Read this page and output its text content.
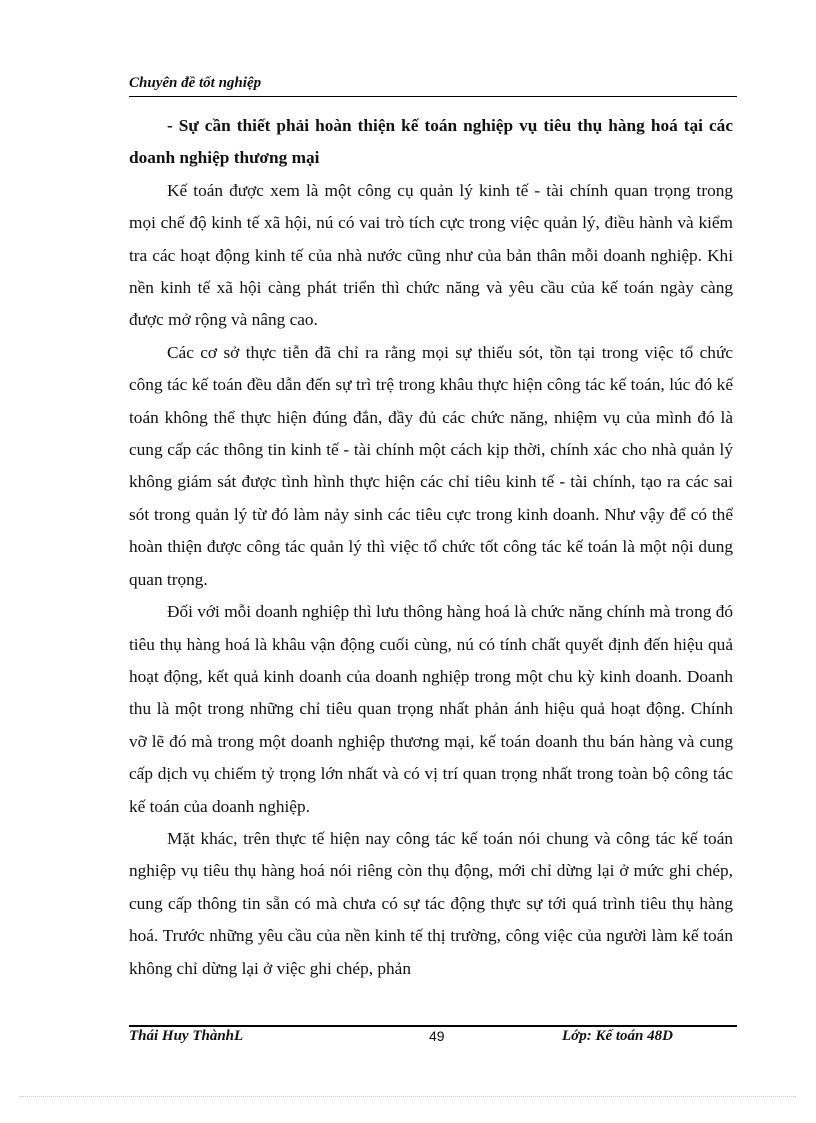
Chuyên đề tốt nghiệp

- Sự cần thiết phải hoàn thiện kế toán nghiệp vụ tiêu thụ hàng hoá tại các doanh nghiệp thương mại

Kế toán được xem là một công cụ quản lý kinh tế - tài chính quan trọng trong mọi chế độ kinh tế xã hội, nú có vai trò tích cực trong việc quản lý, điều hành và kiểm tra các hoạt động kinh tế của nhà nước cũng như của bản thân mỗi doanh nghiệp. Khi nền kinh tế xã hội càng phát triển thì chức năng và yêu cầu của kế toán ngày càng được mở rộng và nâng cao.

Các cơ sở thực tiễn đã chỉ ra rằng mọi sự thiếu sót, tồn tại trong việc tổ chức công tác kế toán đều dẫn đến sự trì trệ trong khâu thực hiện công tác kế toán, lúc đó kế toán không thể thực hiện đúng đắn, đầy đủ các chức năng, nhiệm vụ của mình đó là cung cấp các thông tin kinh tế - tài chính một cách kịp thời, chính xác cho nhà quản lý không giám sát được tình hình thực hiện các chỉ tiêu kinh tế - tài chính, tạo ra các sai sót trong quản lý từ đó làm nảy sinh các tiêu cực trong kinh doanh. Như vậy để có thể hoàn thiện được công tác quản lý thì việc tổ chức tốt công tác kế toán là một nội dung quan trọng.

Đối với mỗi doanh nghiệp thì lưu thông hàng hoá là chức năng chính mà trong đó tiêu thụ hàng hoá là khâu vận động cuối cùng, nú có tính chất quyết định đến hiệu quả hoạt động, kết quả kinh doanh của doanh nghiệp trong một chu kỳ kinh doanh. Doanh thu là một trong những chỉ tiêu quan trọng nhất phản ánh hiệu quả hoạt động. Chính vỡ lẽ đó mà trong một doanh nghiệp thương mại, kế toán doanh thu bán hàng và cung cấp dịch vụ chiếm tỷ trọng lớn nhất và có vị trí quan trọng nhất trong toàn bộ công tác kế toán của doanh nghiệp.

Mặt khác, trên thực tế hiện nay công tác kế toán nói chung và công tác kế toán nghiệp vụ tiêu thụ hàng hoá nói riêng còn thụ động, mới chỉ dừng lại ở mức ghi chép, cung cấp thông tin sẵn có mà chưa có sự tác động thực sự tới quá trình tiêu thụ hàng hoá. Trước những yêu cầu của nền kinh tế thị trường, công việc của người làm kế toán không chỉ dừng lại ở việc ghi chép, phản

Thái Huy ThànhL	49	Lớp: Kế toán 48D
